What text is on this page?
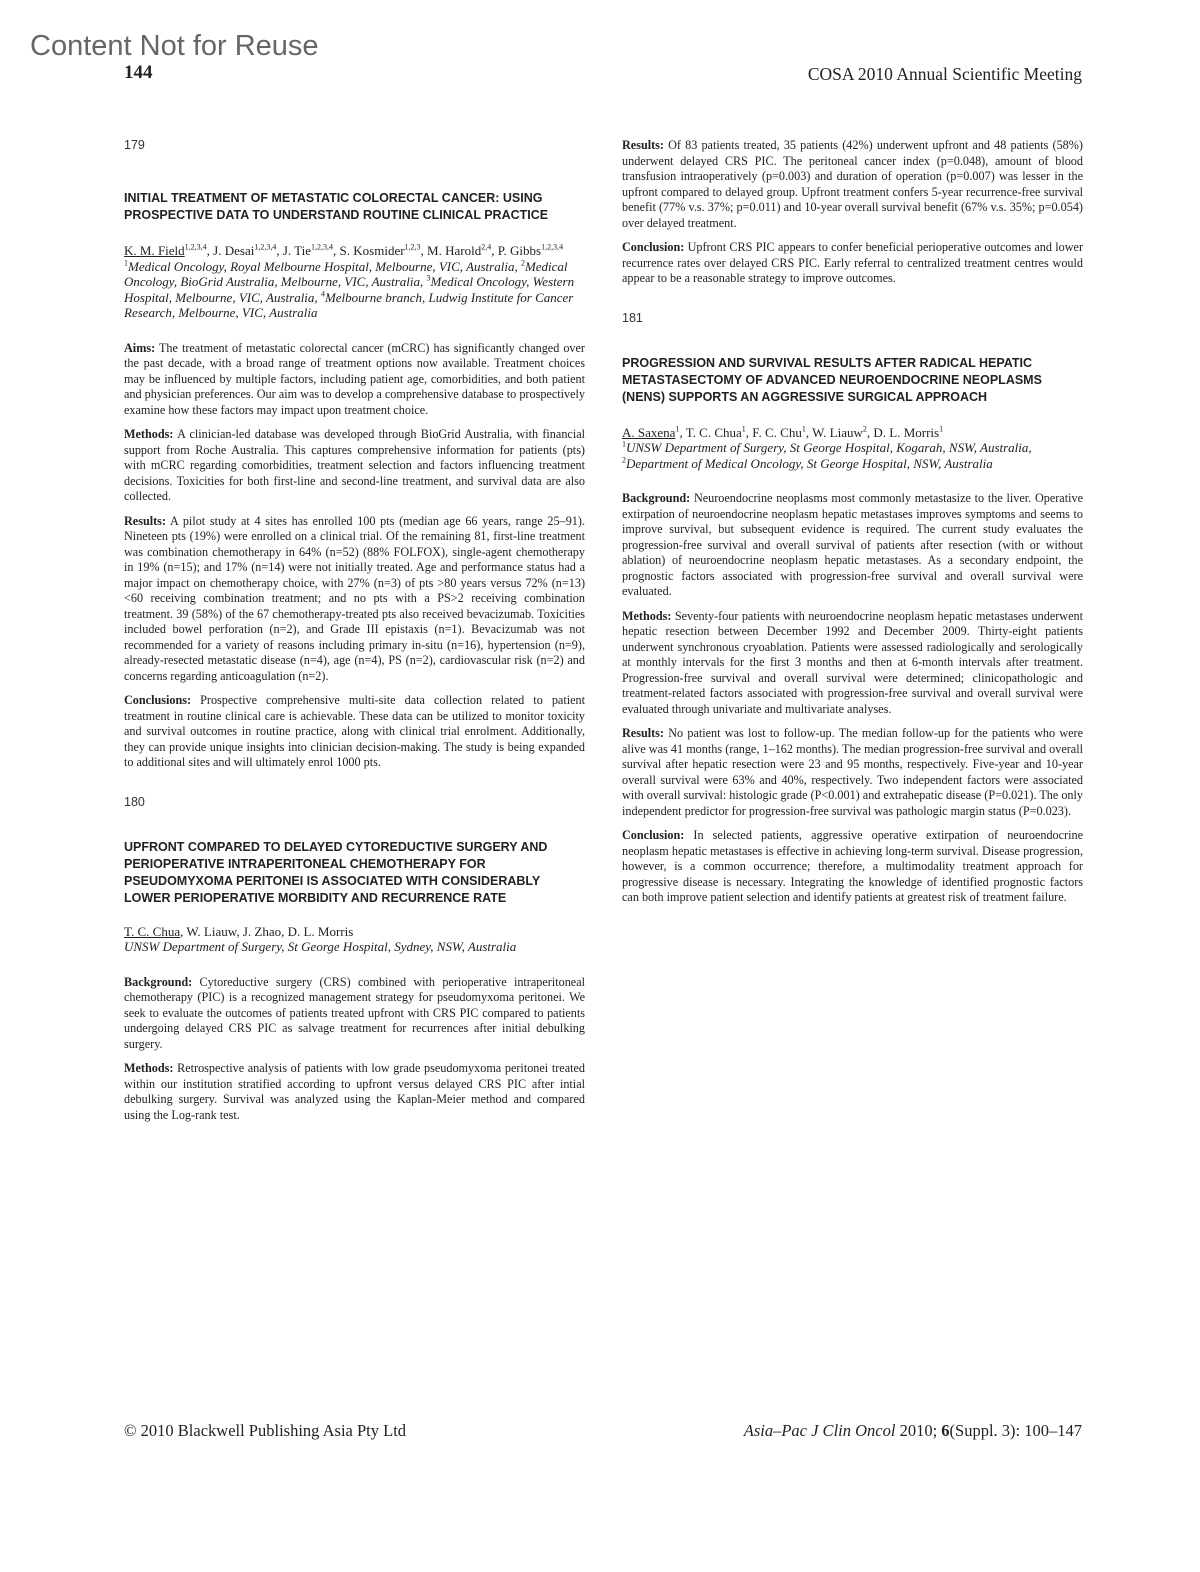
Content Not for Reuse
144	COSA 2010 Annual Scientific Meeting

179

INITIAL TREATMENT OF METASTATIC COLORECTAL CANCER: USING PROSPECTIVE DATA TO UNDERSTAND ROUTINE CLINICAL PRACTICE

K. M. Field$^{1,2,3,4}$, J. Desai$^{1,2,3,4}$, J. Tie$^{1,2,3,4}$, S. Kosmider$^{1,2,3}$, M. Harold$^{2,4}$, P. Gibbs$^{1,2,3,4}$

$^1$Medical Oncology, Royal Melbourne Hospital, Melbourne, VIC, Australia, $^2$Medical Oncology, BioGrid Australia, Melbourne, VIC, Australia, $^3$Medical Oncology, Western Hospital, Melbourne, VIC, Australia, $^4$Melbourne branch, Ludwig Institute for Cancer Research, Melbourne, VIC, Australia

Aims: The treatment of metastatic colorectal cancer (mCRC) has significantly changed over the past decade, with a broad range of treatment options now available. Treatment choices may be influenced by multiple factors, including patient age, comorbidities, and both patient and physician preferences. Our aim was to develop a comprehensive database to prospectively examine how these factors may impact upon treatment choice.

Methods: A clinician-led database was developed through BioGrid Australia, with financial support from Roche Australia. This captures comprehensive information for patients (pts) with mCRC regarding comorbidities, treatment selection and factors influencing treatment decisions. Toxicities for both first-line and second-line treatment, and survival data are also collected.

Results: A pilot study at 4 sites has enrolled 100 pts (median age 66 years, range 25–91). Nineteen pts (19%) were enrolled on a clinical trial. Of the remaining 81, first-line treatment was combination chemotherapy in 64% (n=52) (88% FOLFOX), single-agent chemotherapy in 19% (n=15); and 17% (n=14) were not initially treated. Age and performance status had a major impact on chemotherapy choice, with 27% (n=3) of pts >80 years versus 72% (n=13) <60 receiving combination treatment; and no pts with a PS>2 receiving combination treatment. 39 (58%) of the 67 chemotherapy-treated pts also received bevacizumab. Toxicities included bowel perforation (n=2), and Grade III epistaxis (n=1). Bevacizumab was not recommended for a variety of reasons including primary in-situ (n=16), hypertension (n=9), already-resected metastatic disease (n=4), age (n=4), PS (n=2), cardiovascular risk (n=2) and concerns regarding anticoagulation (n=2).

Conclusions: Prospective comprehensive multi-site data collection related to patient treatment in routine clinical care is achievable. These data can be utilized to monitor toxicity and survival outcomes in routine practice, along with clinical trial enrolment. Additionally, they can provide unique insights into clinician decision-making. The study is being expanded to additional sites and will ultimately enrol 1000 pts.

180

UPFRONT COMPARED TO DELAYED CYTOREDUCTIVE SURGERY AND PERIOPERATIVE INTRAPERITONEAL CHEMOTHERAPY FOR PSEUDOMYXOMA PERITONEI IS ASSOCIATED WITH CONSIDERABLY LOWER PERIOPERATIVE MORBIDITY AND RECURRENCE RATE

T. C. Chua, W. Liauw, J. Zhao, D. L. Morris

UNSW Department of Surgery, St George Hospital, Sydney, NSW, Australia

Background: Cytoreductive surgery (CRS) combined with perioperative intraperitoneal chemotherapy (PIC) is a recognized management strategy for pseudomyxoma peritonei. We seek to evaluate the outcomes of patients treated upfront with CRS PIC compared to patients undergoing delayed CRS PIC as salvage treatment for recurrences after initial debulking surgery.

Methods: Retrospective analysis of patients with low grade pseudomyxoma peritonei treated within our institution stratified according to upfront versus delayed CRS PIC after intial debulking surgery. Survival was analyzed using the Kaplan-Meier method and compared using the Log-rank test.

Results: Of 83 patients treated, 35 patients (42%) underwent upfront and 48 patients (58%) underwent delayed CRS PIC. The peritoneal cancer index (p=0.048), amount of blood transfusion intraoperatively (p=0.003) and duration of operation (p=0.007) was lesser in the upfront compared to delayed group. Upfront treatment confers 5-year recurrence-free survival benefit (77% v.s. 37%; p=0.011) and 10-year overall survival benefit (67% v.s. 35%; p=0.054) over delayed treatment.

Conclusion: Upfront CRS PIC appears to confer beneficial perioperative outcomes and lower recurrence rates over delayed CRS PIC. Early referral to centralized treatment centres would appear to be a reasonable strategy to improve outcomes.

181

PROGRESSION AND SURVIVAL RESULTS AFTER RADICAL HEPATIC METASTASECTOMY OF ADVANCED NEUROENDOCRINE NEOPLASMS (NENS) SUPPORTS AN AGGRESSIVE SURGICAL APPROACH

A. Saxena$^1$, T. C. Chua$^1$, F. C. Chu$^1$, W. Liauw$^2$, D. L. Morris$^1$

$^1$UNSW Department of Surgery, St George Hospital, Kogarah, NSW, Australia, $^2$Department of Medical Oncology, St George Hospital, NSW, Australia

Background: Neuroendocrine neoplasms most commonly metastasize to the liver. Operative extirpation of neuroendocrine neoplasm hepatic metastases improves symptoms and seems to improve survival, but subsequent evidence is required. The current study evaluates the progression-free survival and overall survival of patients after resection (with or without ablation) of neuroendocrine neoplasm hepatic metastases. As a secondary endpoint, the prognostic factors associated with progression-free survival and overall survival were evaluated.

Methods: Seventy-four patients with neuroendocrine neoplasm hepatic metastases underwent hepatic resection between December 1992 and December 2009. Thirty-eight patients underwent synchronous cryoablation. Patients were assessed radiologically and serologically at monthly intervals for the first 3 months and then at 6-month intervals after treatment. Progression-free survival and overall survival were determined; clinicopathologic and treatment-related factors associated with progression-free survival and overall survival were evaluated through univariate and multivariate analyses.

Results: No patient was lost to follow-up. The median follow-up for the patients who were alive was 41 months (range, 1–162 months). The median progression-free survival and overall survival after hepatic resection were 23 and 95 months, respectively. Five-year and 10-year overall survival were 63% and 40%, respectively. Two independent factors were associated with overall survival: histologic grade (P<0.001) and extrahepatic disease (P=0.021). The only independent predictor for progression-free survival was pathologic margin status (P=0.023).

Conclusion: In selected patients, aggressive operative extirpation of neuroendocrine neoplasm hepatic metastases is effective in achieving long-term survival. Disease progression, however, is a common occurrence; therefore, a multimodality treatment approach for progressive disease is necessary. Integrating the knowledge of identified prognostic factors can both improve patient selection and identify patients at greatest risk of treatment failure.

© 2010 Blackwell Publishing Asia Pty Ltd	Asia–Pac J Clin Oncol 2010; 6(Suppl. 3): 100–147
